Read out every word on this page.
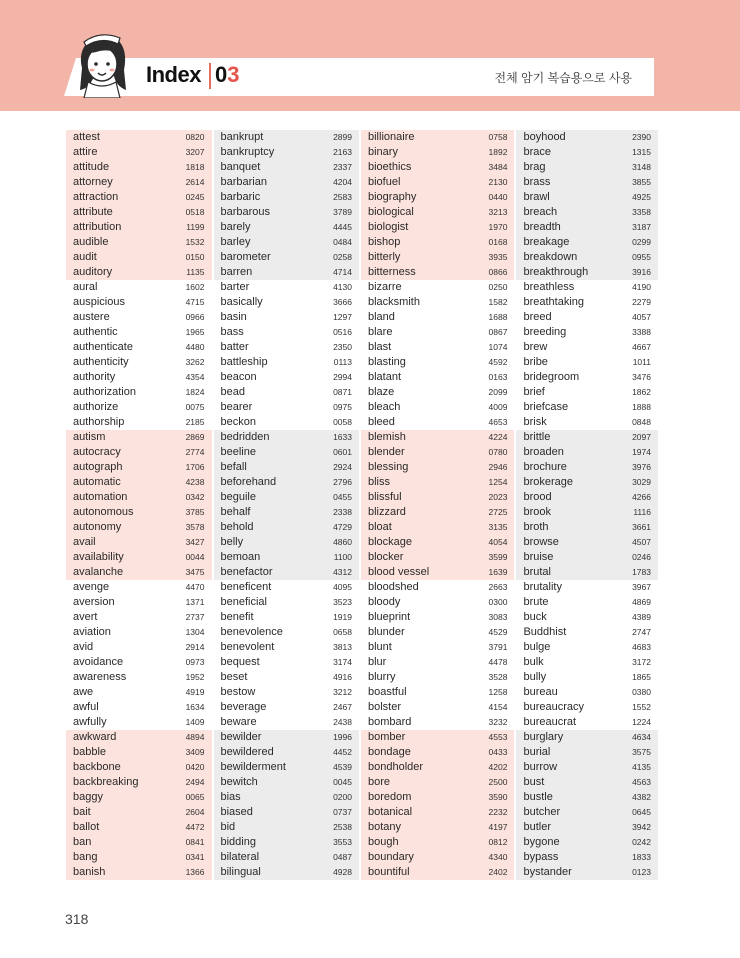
Index 03	전체 암기 복습용으로 사용
attest	0820
attire	3207
attitude	1818
attorney	2614
attraction	0245
attribute	0518
attribution	1199
audible	1532
audit	0150
auditory	1135
aural	1602
auspicious	4715
austere	0966
authentic	1965
authenticate	4480
authenticity	3262
authority	4354
authorization	1824
authorize	0075
authorship	2185
autism	2869
autocracy	2774
autograph	1706
automatic	4238
automation	0342
autonomous	3785
autonomy	3578
avail	3427
availability	0044
avalanche	3475
avenge	4470
aversion	1371
avert	2737
aviation	1304
avid	2914
avoidance	0973
awareness	1952
awe	4919
awful	1634
awfully	1409
awkward	4894
babble	3409
backbone	0420
backbreaking	2494
baggy	0065
bait	2604
ballot	4472
ban	0841
bang	0341
banish	1366
bankrupt	2899
bankruptcy	2163
banquet	2337
barbarian	4204
barbaric	2583
barbarous	3789
barely	4445
barley	0484
barometer	0258
barren	4714
barter	4130
basically	3666
basin	1297
bass	0516
batter	2350
battleship	0113
beacon	2994
bead	0871
bearer	0975
beckon	0058
bedridden	1633
beeline	0601
befall	2924
beforehand	2796
beguile	0455
behalf	2338
behold	4729
belly	4860
bemoan	1100
benefactor	4312
beneficent	4095
beneficial	3523
benefit	1919
benevolence	0658
benevolent	3813
bequest	3174
beset	4916
bestow	3212
beverage	2467
beware	2438
bewilder	1996
bewildered	4452
bewilderment	4539
bewitch	0045
bias	0200
biased	0737
bid	2538
bidding	3553
bilateral	0487
bilingual	4928
billionaire	0758
binary	1892
bioethics	3484
biofuel	2130
biography	0440
biological	3213
biologist	1970
bishop	0168
bitterly	3935
bitterness	0866
bizarre	0250
blacksmith	1582
bland	1688
blare	0867
blast	1074
blasting	4592
blatant	0163
blaze	2099
bleach	4009
bleed	4653
blemish	4224
blender	0780
blessing	2946
bliss	1254
blissful	2023
blizzard	2725
bloat	3135
blockage	4054
blocker	3599
blood vessel	1639
bloodshed	2663
bloody	0300
blueprint	3083
blunder	4529
blunt	3791
blur	4478
blurry	3528
boastful	1258
bolster	4154
bombard	3232
bomber	4553
bondage	0433
bondholder	4202
bore	2500
boredom	3590
botanical	2232
botany	4197
bough	0812
boundary	4340
bountiful	2402
boyhood	2390
brace	1315
brag	3148
brass	3855
brawl	4925
breach	3358
breadth	3187
breakage	0299
breakdown	0955
breakthrough	3916
breathless	4190
breathtaking	2279
breed	4057
breeding	3388
brew	4667
bribe	1011
bridegroom	3476
brief	1862
briefcase	1888
brisk	0848
brittle	2097
broaden	1974
brochure	3976
brokerage	3029
brood	4266
brook	1116
broth	3661
browse	4507
bruise	0246
brutal	1783
brutality	3967
brute	4869
buck	4389
Buddhist	2747
bulge	4683
bulk	3172
bully	1865
bureau	0380
bureaucracy	1552
bureaucrat	1224
burglary	4634
burial	3575
burrow	4135
bust	4563
bustle	4382
butcher	0645
butler	3942
bygone	0242
bypass	1833
bystander	0123
318
